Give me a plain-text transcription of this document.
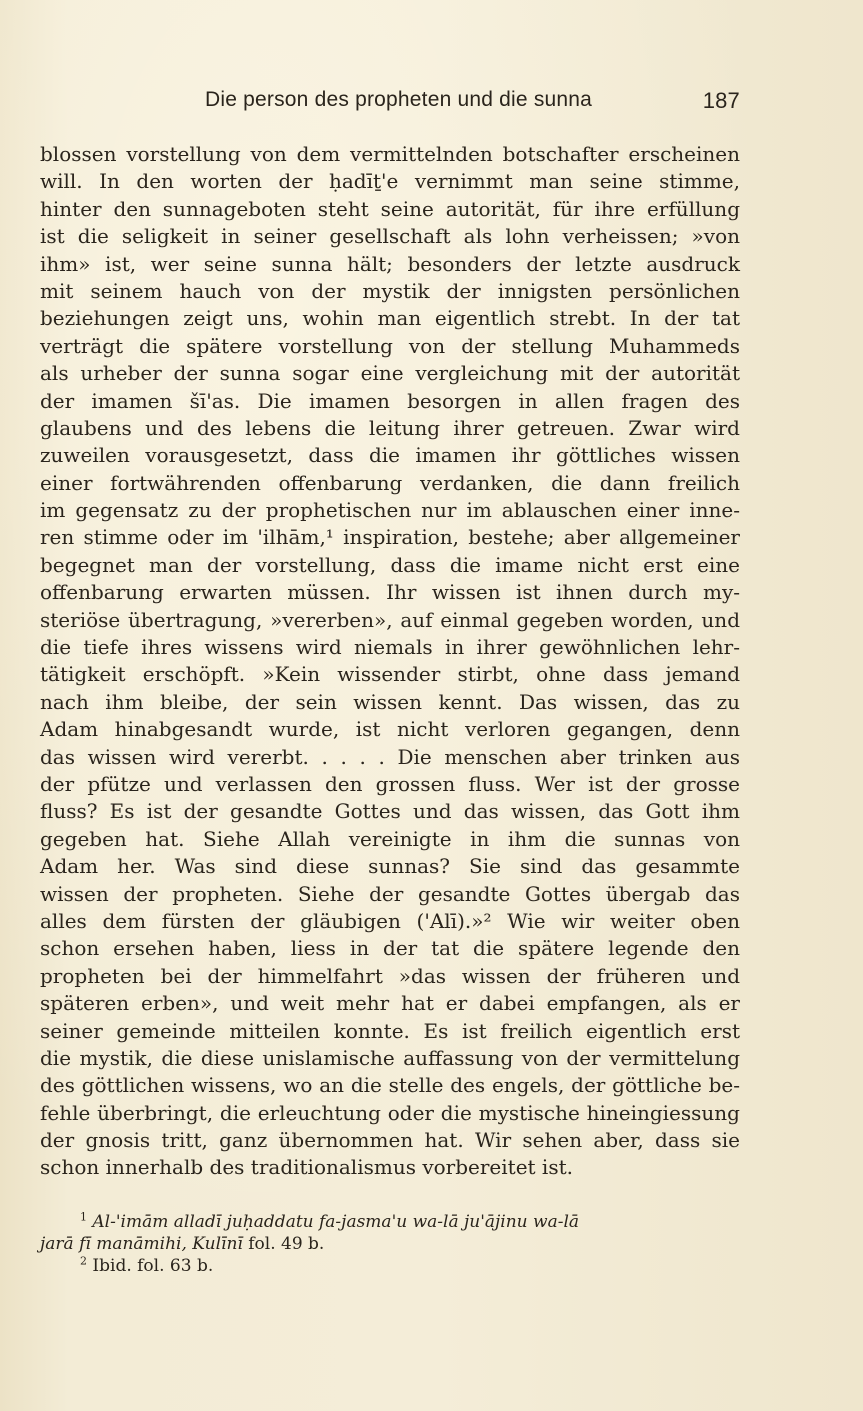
Die person des propheten und die sunna	187
blossen vorstellung von dem vermittelnden botschafter erscheinen
will. In den worten der ḥadīṯ'e vernimmt man seine stimme,
hinter den sunnageboten steht seine autorität, für ihre erfüllung
ist die seligkeit in seiner gesellschaft als lohn verheissen; »von
ihm» ist, wer seine sunna hält; besonders der letzte ausdruck
mit seinem hauch von der mystik der innigsten persönlichen
beziehungen zeigt uns, wohin man eigentlich strebt. In der tat
verträgt die spätere vorstellung von der stellung Muhammeds
als urheber der sunna sogar eine vergleichung mit der autorität
der imamen šī'as. Die imamen besorgen in allen fragen des
glaubens und des lebens die leitung ihrer getreuen. Zwar wird
zuweilen vorausgesetzt, dass die imamen ihr göttliches wissen
einer fortwährenden offenbarung verdanken, die dann freilich
im gegensatz zu der prophetischen nur im ablauschen einer inne-
ren stimme oder im 'ilhām,¹ inspiration, bestehe; aber allgemeiner
begegnet man der vorstellung, dass die imame nicht erst eine
offenbarung erwarten müssen. Ihr wissen ist ihnen durch my-
steriöse übertragung, »vererben», auf einmal gegeben worden, und
die tiefe ihres wissens wird niemals in ihrer gewöhnlichen lehr-
tätigkeit erschöpft. »Kein wissender stirbt, ohne dass jemand
nach ihm bleibe, der sein wissen kennt. Das wissen, das zu
Adam hinabgesandt wurde, ist nicht verloren gegangen, denn
das wissen wird vererbt. . . . . Die menschen aber trinken aus
der pfütze und verlassen den grossen fluss. Wer ist der grosse
fluss? Es ist der gesandte Gottes und das wissen, das Gott ihm
gegeben hat. Siehe Allah vereinigte in ihm die sunnas von
Adam her. Was sind diese sunnas? Sie sind das gesammte
wissen der propheten. Siehe der gesandte Gottes übergab das
alles dem fürsten der gläubigen ('Alī).»² Wie wir weiter oben
schon ersehen haben, liess in der tat die spätere legende den
propheten bei der himmelfahrt »das wissen der früheren und
späteren erben», und weit mehr hat er dabei empfangen, als er
seiner gemeinde mitteilen konnte. Es ist freilich eigentlich erst
die mystik, die diese unislamische auffassung von der vermittelung
des göttlichen wissens, wo an die stelle des engels, der göttliche be-
fehle überbringt, die erleuchtung oder die mystische hineingiessung
der gnosis tritt, ganz übernommen hat. Wir sehen aber, dass sie
schon innerhalb des traditionalismus vorbereitet ist.
$^1$ Al-'imām alladī juḥaddatu fa-jasma'u wa-lā ju'ājinu wa-lā
jarā fī manāmihi, Kulīnī fol. 49 b.
$^2$ Ibid. fol. 63 b.
